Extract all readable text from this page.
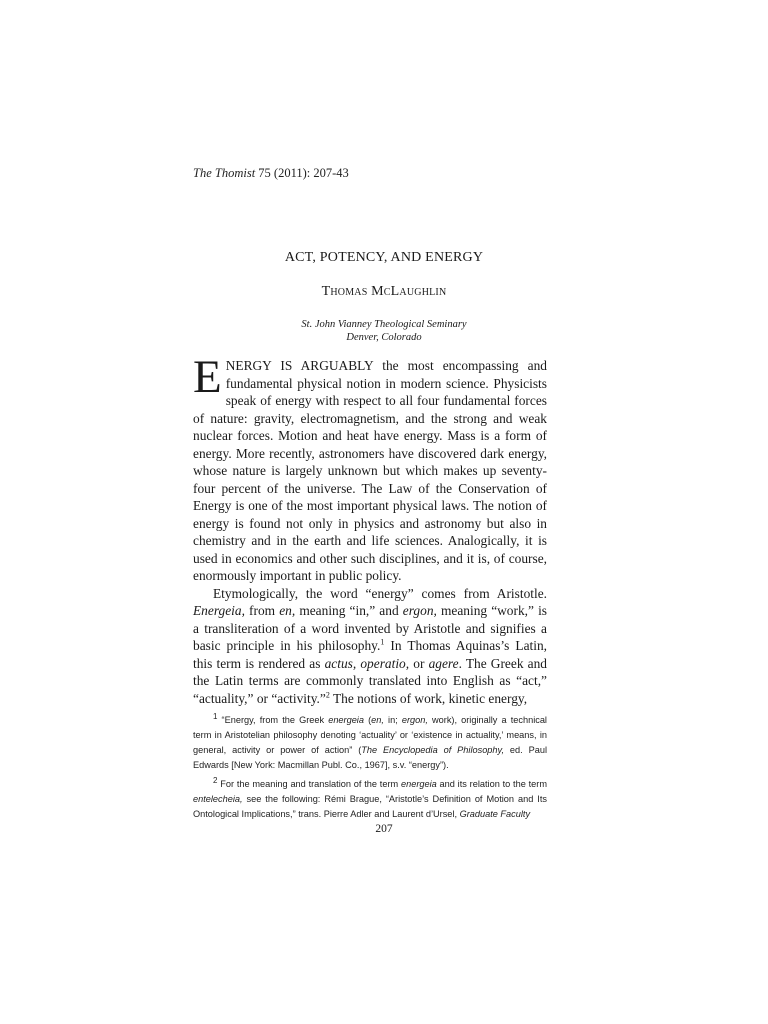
The Thomist 75 (2011): 207-43
ACT, POTENCY, AND ENERGY
Thomas McLaughlin
St. John Vianney Theological Seminary
Denver, Colorado

ENERGY IS ARGUABLY the most encompassing and fundamental physical notion in modern science. Physicists speak of energy with respect to all four fundamental forces of nature: gravity, electromagnetism, and the strong and weak nuclear forces. Motion and heat have energy. Mass is a form of energy. More recently, astronomers have discovered dark energy, whose nature is largely unknown but which makes up seventy-four percent of the universe. The Law of the Conservation of Energy is one of the most important physical laws. The notion of energy is found not only in physics and astronomy but also in chemistry and in the earth and life sciences. Analogically, it is used in economics and other such disciplines, and it is, of course, enormously important in public policy.

Etymologically, the word “energy” comes from Aristotle. Energeia, from en, meaning “in,” and ergon, meaning “work,” is a transliteration of a word invented by Aristotle and signifies a basic principle in his philosophy.$^1$ In Thomas Aquinas’s Latin, this term is rendered as actus, operatio, or agere. The Greek and the Latin terms are commonly translated into English as “act,” “actuality,” or “activity.”$^2$ The notions of work, kinetic energy,

$^1$ “Energy, from the Greek energeia (en, in; ergon, work), originally a technical term in Aristotelian philosophy denoting ‘actuality’ or ‘existence in actuality,’ means, in general, activity or power of action” (The Encyclopedia of Philosophy, ed. Paul Edwards [New York: Macmillan Publ. Co., 1967], s.v. “energy”).
$^2$ For the meaning and translation of the term energeia and its relation to the term entelecheia, see the following: Rémi Brague, “Aristotle’s Definition of Motion and Its Ontological Implications,” trans. Pierre Adler and Laurent d’Ursel, Graduate Faculty
207
